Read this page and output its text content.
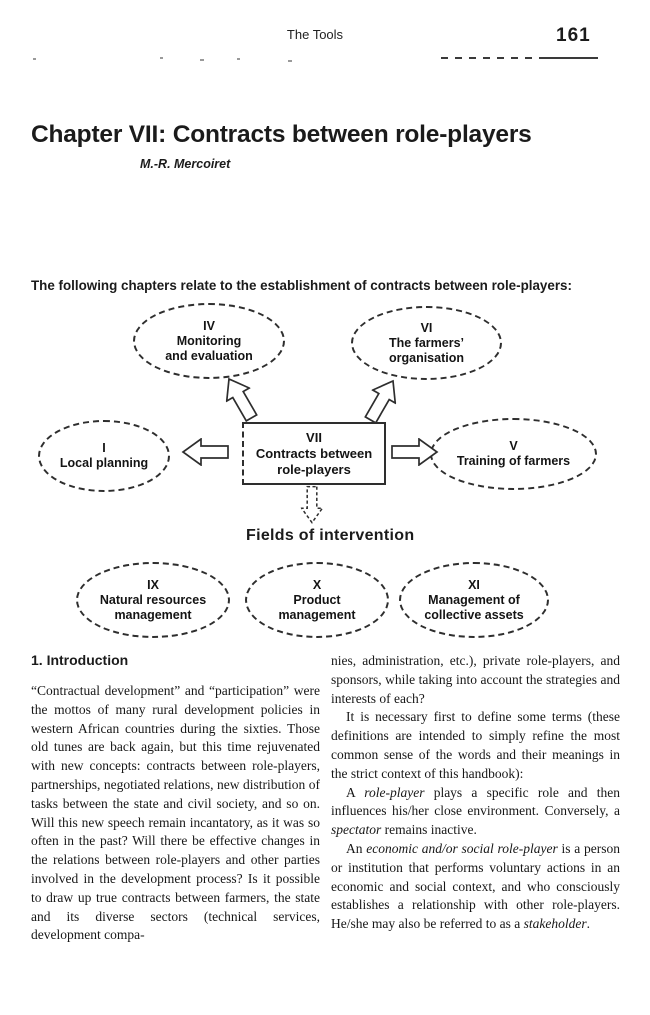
The Tools	161
Chapter VII: Contracts between role-players
M.-R. Mercoiret

The following chapters relate to the establishment of contracts between role-players:

IV
Monitoring
and evaluation
VI
The farmers’
organisation
I
Local planning
VII
Contracts between
role-players
V
Training of farmers
IX
Natural resources
management
X
Product
management
XI
Management of
collective assets
Fields of intervention
1. Introduction

“Contractual development” and “participation” were the mottos of many rural development policies in western African countries during the sixties. Those old tunes are back again, but this time rejuvenated with new concepts: contracts between role-players, partnerships, negotiated relations, new distribution of tasks between the state and civil society, and so on. Will this new speech remain incantatory, as it was so often in the past? Will there be effective changes in the relations between role-players and other parties involved in the development process? Is it possible to draw up true contracts between farmers, the state and its diverse sectors (technical services, development compa-

nies, administration, etc.), private role-players, and sponsors, while taking into account the strategies and interests of each?

It is necessary first to define some terms (these definitions are intended to simply refine the most common sense of the words and their meanings in the strict context of this handbook):

A role-player plays a specific role and then influences his/her close environment. Conversely, a spectator remains inactive.

An economic and/or social role-player is a person or institution that performs voluntary actions in an economic and social context, and who consciously establishes a relationship with other role-players. He/she may also be referred to as a stakeholder.
